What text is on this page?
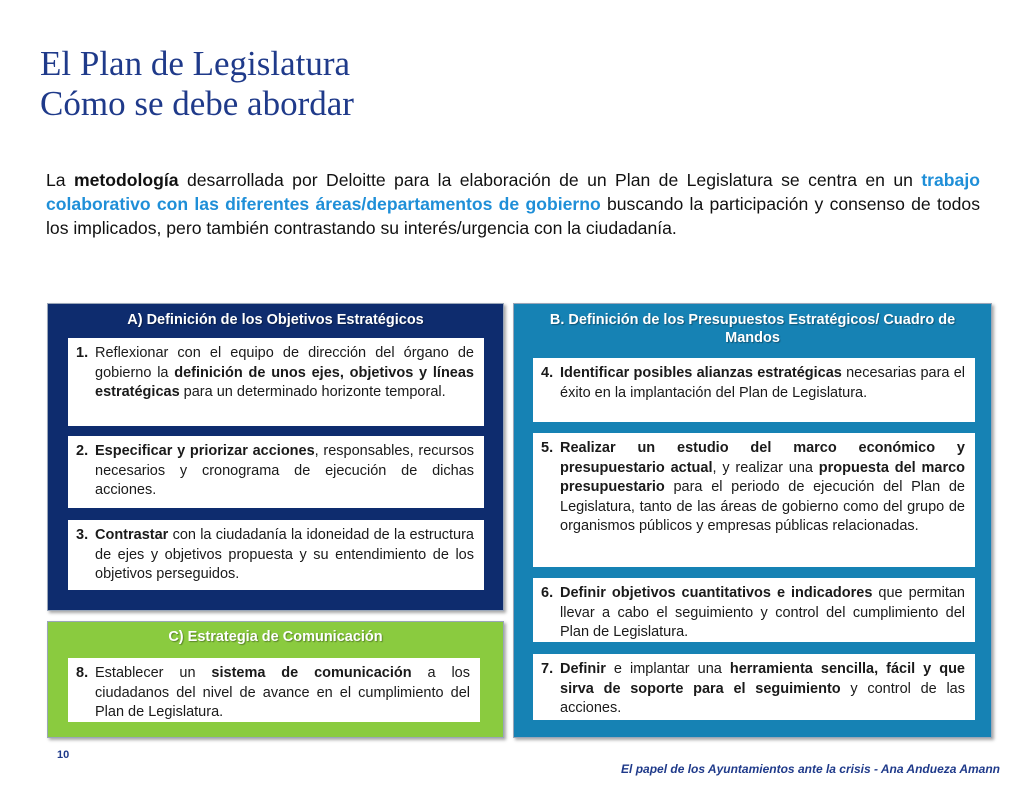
El Plan de Legislatura
Cómo se debe abordar
La metodología desarrollada por Deloitte para la elaboración de un Plan de Legislatura se centra en un trabajo colaborativo con las diferentes áreas/departamentos de gobierno buscando la participación y consenso de todos los implicados, pero también contrastando su interés/urgencia con la ciudadanía.
A) Definición de los Objetivos Estratégicos
1. Reflexionar con el equipo de dirección del órgano de gobierno la definición de unos ejes, objetivos y líneas estratégicas para un determinado horizonte temporal.
2. Especificar y priorizar acciones, responsables, recursos necesarios y cronograma de ejecución de dichas acciones.
3. Contrastar con la ciudadanía la idoneidad de la estructura de ejes y objetivos propuesta y su entendimiento de los objetivos perseguidos.
B. Definición de los Presupuestos Estratégicos/ Cuadro de Mandos
4. Identificar posibles alianzas estratégicas necesarias para el éxito en la implantación del Plan de Legislatura.
5. Realizar un estudio del marco económico y presupuestario actual, y realizar una propuesta del marco presupuestario para el periodo de ejecución del Plan de Legislatura, tanto de las áreas de gobierno como del grupo de organismos públicos y empresas públicas relacionadas.
6. Definir objetivos cuantitativos e indicadores que permitan llevar a cabo el seguimiento y control del cumplimiento del Plan de Legislatura.
7. Definir e implantar una herramienta sencilla, fácil y que sirva de soporte para el seguimiento y control de las acciones.
C) Estrategia de Comunicación
8. Establecer un sistema de comunicación a los ciudadanos del nivel de avance en el cumplimiento del Plan de Legislatura.
10
El papel de los Ayuntamientos ante la crisis - Ana Andueza Amann
